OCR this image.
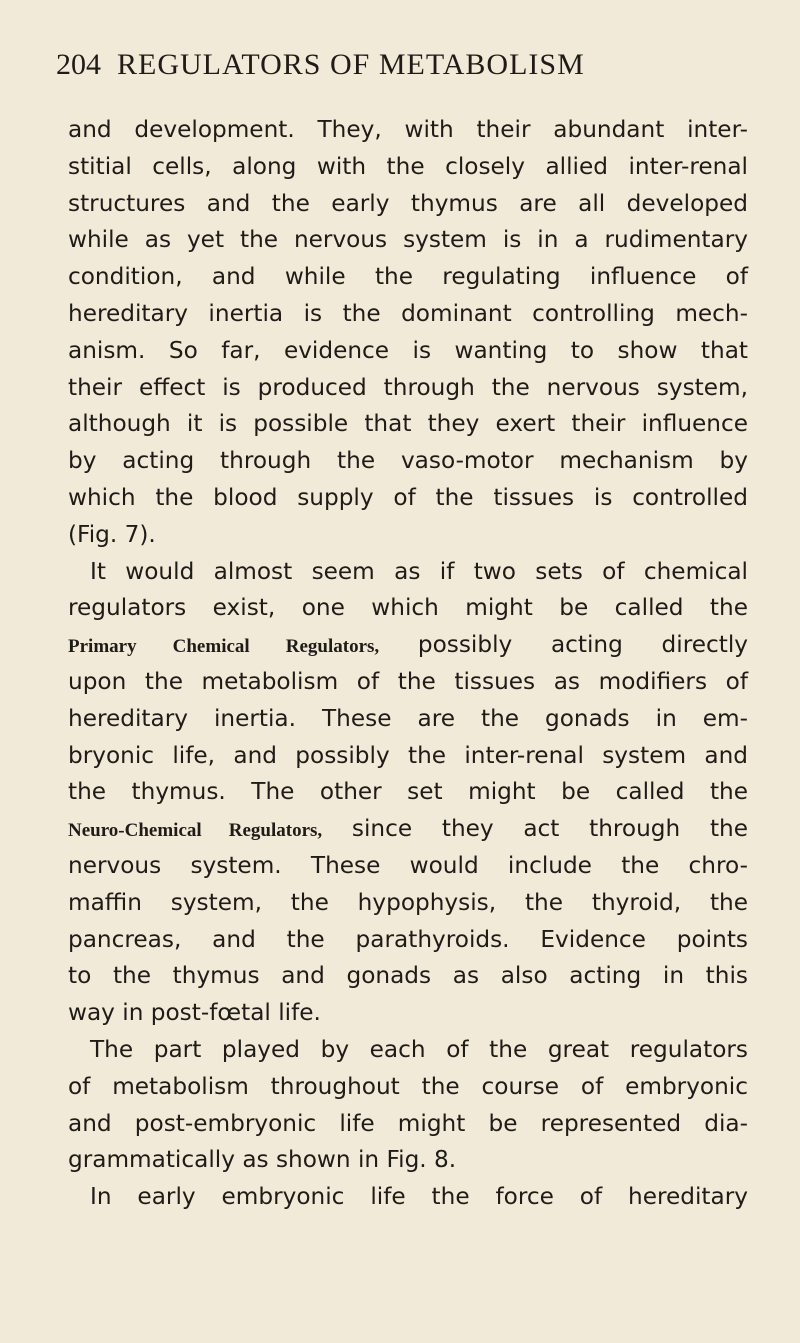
204 REGULATORS OF METABOLISM
and development. They, with their abundant inter-
stitial cells, along with the closely allied inter-renal
structures and the early thymus are all developed
while as yet the nervous system is in a rudimentary
condition, and while the regulating influence of
hereditary inertia is the dominant controlling mech-
anism. So far, evidence is wanting to show that
their effect is produced through the nervous system,
although it is possible that they exert their influence
by acting through the vaso-motor mechanism by
which the blood supply of the tissues is controlled
(Fig. 7).
It would almost seem as if two sets of chemical
regulators exist, one which might be called the
Primary Chemical Regulators, possibly acting directly
upon the metabolism of the tissues as modifiers of
hereditary inertia. These are the gonads in em-
bryonic life, and possibly the inter-renal system and
the thymus. The other set might be called the
Neuro-Chemical Regulators, since they act through the
nervous system. These would include the chro-
maffin system, the hypophysis, the thyroid, the
pancreas, and the parathyroids. Evidence points
to the thymus and gonads as also acting in this
way in post-fœtal life.
The part played by each of the great regulators
of metabolism throughout the course of embryonic
and post-embryonic life might be represented dia-
grammatically as shown in Fig. 8.
In early embryonic life the force of hereditary
